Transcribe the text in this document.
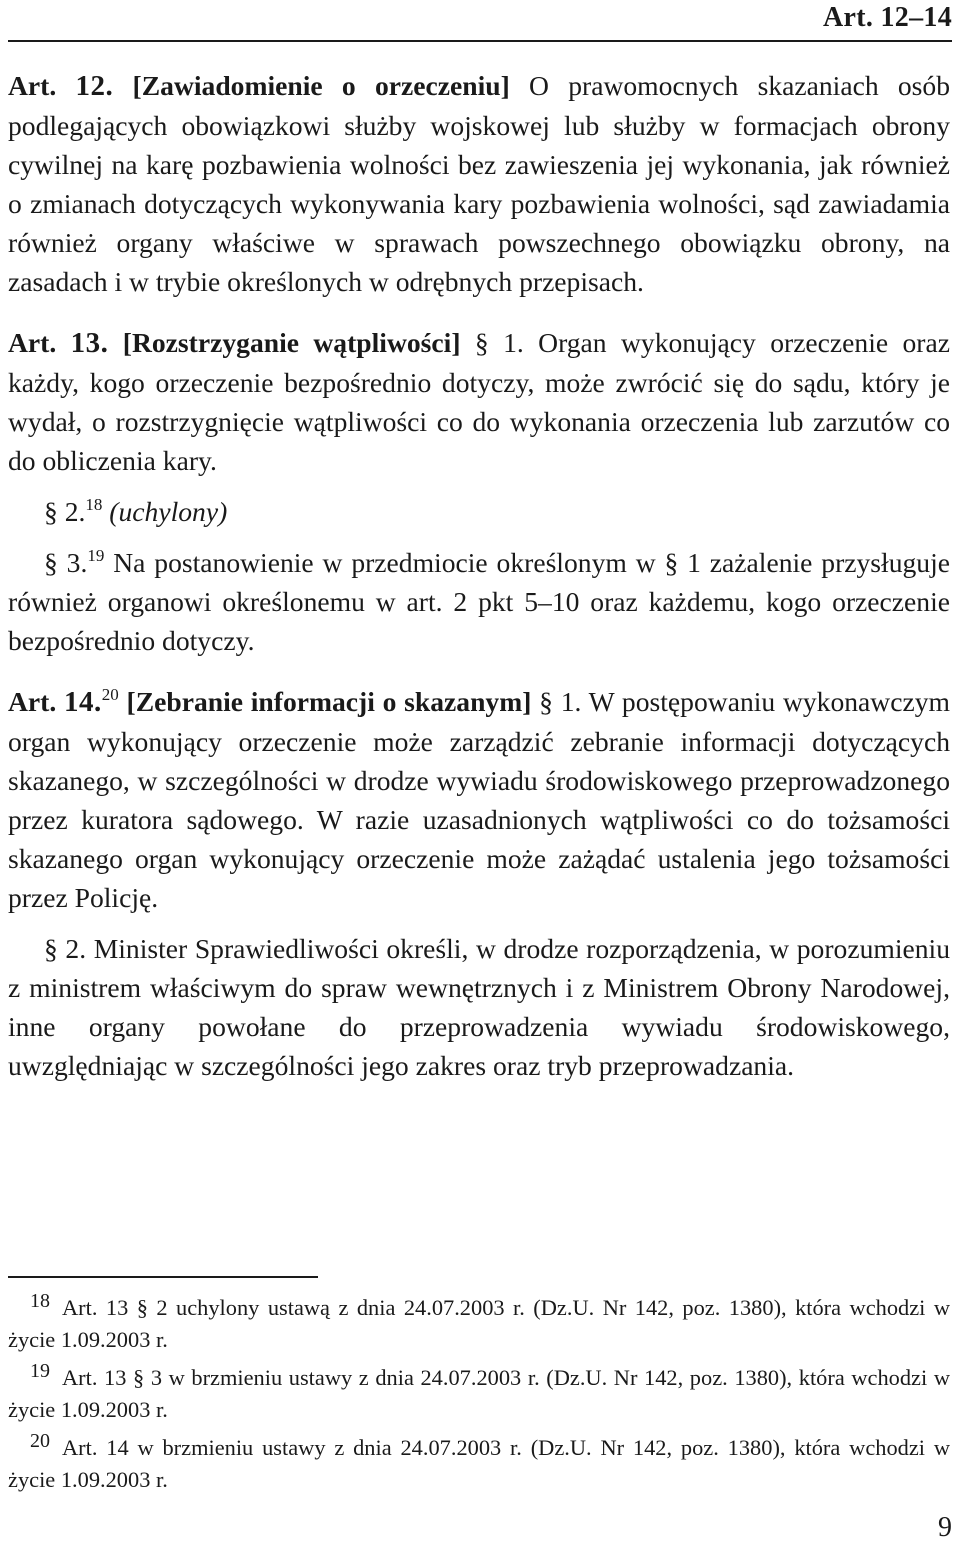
Art. 12–14

Art. 12. [Zawiadomienie o orzeczeniu] O prawomocnych skazaniach osób podlegających obowiązkowi służby wojskowej lub służby w formacjach obrony cywilnej na karę pozbawienia wolności bez zawieszenia jej wykonania, jak również o zmianach dotyczących wykonywania kary pozbawienia wolności, sąd zawiadamia również organy właściwe w sprawach powszechnego obowiązku obrony, na zasadach i w trybie określonych w odrębnych przepisach.

Art. 13. [Rozstrzyganie wątpliwości] § 1. Organ wykonujący orzeczenie oraz każdy, kogo orzeczenie bezpośrednio dotyczy, może zwrócić się do sądu, który je wydał, o rozstrzygnięcie wątpliwości co do wykonania orzeczenia lub zarzutów co do obliczenia kary.

§ 2.18 (uchylony)

§ 3.19 Na postanowienie w przedmiocie określonym w § 1 zażalenie przysługuje również organowi określonemu w art. 2 pkt 5–10 oraz każdemu, kogo orzeczenie bezpośrednio dotyczy.

Art. 14.20 [Zebranie informacji o skazanym] § 1. W postępowaniu wykonawczym organ wykonujący orzeczenie może zarządzić zebranie informacji dotyczących skazanego, w szczególności w drodze wywiadu środowiskowego przeprowadzonego przez kuratora sądowego. W razie uzasadnionych wątpliwości co do tożsamości skazanego organ wykonujący orzeczenie może zażądać ustalenia jego tożsamości przez Policję.

§ 2. Minister Sprawiedliwości określi, w drodze rozporządzenia, w porozumieniu z ministrem właściwym do spraw wewnętrznych i z Ministrem Obrony Narodowej, inne organy powołane do przeprowadzenia wywiadu środowiskowego, uwzględniając w szczególności jego zakres oraz tryb przeprowadzania.

18 Art. 13 § 2 uchylony ustawą z dnia 24.07.2003 r. (Dz.U. Nr 142, poz. 1380), która wchodzi w życie 1.09.2003 r.

19 Art. 13 § 3 w brzmieniu ustawy z dnia 24.07.2003 r. (Dz.U. Nr 142, poz. 1380), która wchodzi w życie 1.09.2003 r.

20 Art. 14 w brzmieniu ustawy z dnia 24.07.2003 r. (Dz.U. Nr 142, poz. 1380), która wchodzi w życie 1.09.2003 r.

9
